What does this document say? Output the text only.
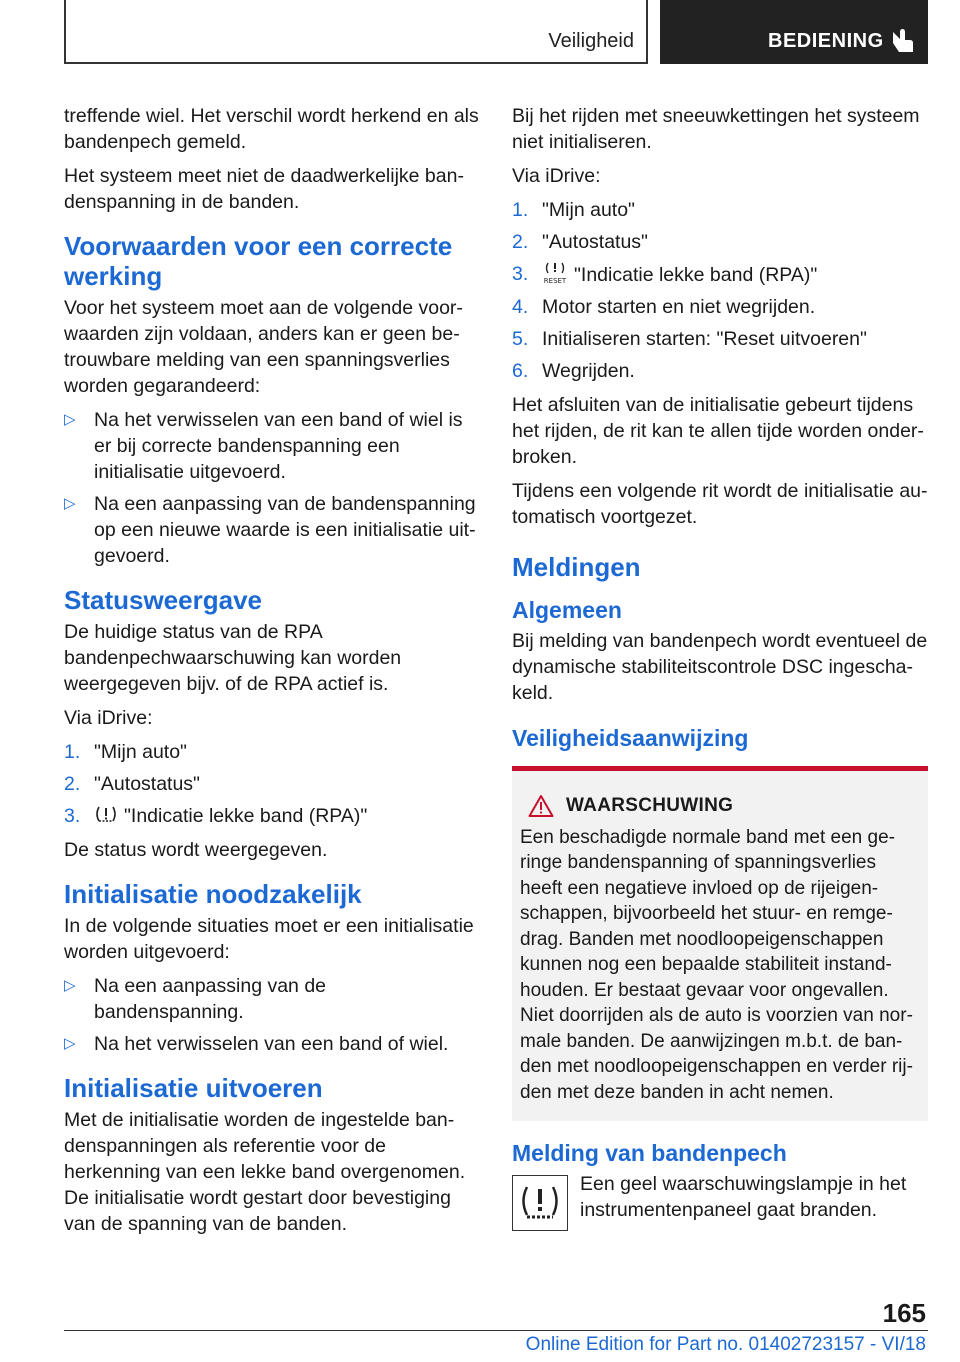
Veiligheid	BEDIENING

treffende wiel. Het verschil wordt herkend en als bandenpech gemeld.

Het systeem meet niet de daadwerkelijke bandenspanning in de banden.

Voorwaarden voor een correcte werking

Voor het systeem moet aan de volgende voorwaarden zijn voldaan, anders kan er geen betrouwbare melding van een spanningsverlies worden gegarandeerd:

▷ Na het verwisselen van een band of wiel is er bij correcte bandenspanning een initialisatie uitgevoerd.
▷ Na een aanpassing van de bandenspanning op een nieuwe waarde is een initialisatie uitgevoerd.
Statusweergave

De huidige status van de RPA bandenpechwaarschuwing kan worden weergegeven bijv. of de RPA actief is.

Via iDrive:

1. "Mijn auto"
2. "Autostatus"
3. "Indicatie lekke band (RPA)"

De status wordt weergegeven.

Initialisatie noodzakelijk

In de volgende situaties moet er een initialisatie worden uitgevoerd:

▷ Na een aanpassing van de bandenspanning.
▷ Na het verwisselen van een band of wiel.
Initialisatie uitvoeren

Met de initialisatie worden de ingestelde bandenspanningen als referentie voor de herkenning van een lekke band overgenomen. De initialisatie wordt gestart door bevestiging van de spanning van de banden.

Bij het rijden met sneeuwkettingen het systeem niet initialiseren.

Via iDrive:

1. "Mijn auto"
2. "Autostatus"
3. RESET "Indicatie lekke band (RPA)"
4. Motor starten en niet wegrijden.
5. Initialiseren starten: "Reset uitvoeren"
6. Wegrijden.

Het afsluiten van de initialisatie gebeurt tijdens het rijden, de rit kan te allen tijde worden onderbroken.

Tijdens een volgende rit wordt de initialisatie automatisch voortgezet.

Meldingen
Algemeen

Bij melding van bandenpech wordt eventueel de dynamische stabiliteitscontrole DSC ingeschakeld.

Veiligheidsaanwijzing
WAARSCHUWING
Een beschadigde normale band met een geringe bandenspanning of spanningsverlies heeft een negatieve invloed op de rijeigenschappen, bijvoorbeeld het stuur- en remgedrag. Banden met noodloopeigenschappen kunnen nog een bepaalde stabiliteit instandhouden. Er bestaat gevaar voor ongevallen. Niet doorrijden als de auto is voorzien van normale banden. De aanwijzingen m.b.t. de banden met noodloopeigenschappen en verder rijden met deze banden in acht nemen.
Melding van bandenpech
Een geel waarschuwingslampje in het instrumentenpaneel gaat branden.
165
Online Edition for Part no. 01402723157 - VI/18
